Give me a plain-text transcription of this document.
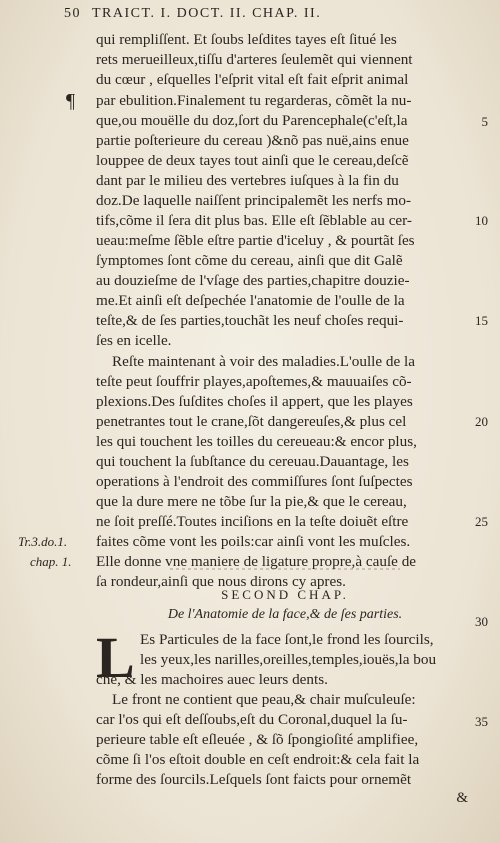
50 TRAICT. I. DOCT. II. CHAP. II.
qui rempliſſent. Et ſoubs leſdites tayes eſt ſitué les
rets merueilleux,tiſſu d'arteres ſeulemẽt qui viennent
du cœur , eſquelles l'eſprit vital eſt fait eſprit animal
par ebulition.Finalement tu regarderas, cõmẽt la nu-
que,ou mouëlle du doz,ſort du Parencephale(c'eſt,la
partie poſterieure du cereau )&nõ pas nuë,ains enue
louppee de deux tayes tout ainſi que le cereau,deſcẽ
dant par le milieu des vertebres iuſques à la fin du
doz.De laquelle naiſſent principalemẽt les nerfs mo-
tifs,cõme il ſera dit plus bas. Elle eſt ſẽblable au cer-
ueau:meſme ſẽble eſtre partie d'iceluy , & pourtãt ſes
ſymptomes ſont cõme du cereau, ainſi que dit Galẽ
au douzieſme de l'vſage des parties,chapitre douzie-
me.Et ainſi eſt deſpechée l'anatomie de l'oulle de la
teſte,& de ſes parties,touchãt les neuf choſes requi-
ſes en icelle.
Reſte maintenant à voir des maladies.L'oulle de la
teſte peut ſouffrir playes,apoſtemes,& mauuaiſes cõ-
plexions.Des ſuſdites choſes il appert, que les playes
penetrantes tout le crane,ſõt dangereuſes,& plus cel
les qui touchent les toilles du cereueau:& encor plus,
qui touchent la ſubſtance du cereuau.Dauantage, les
operations à l'endroit des commiſſures ſont ſuſpectes
que la dure mere ne tõbe ſur la pie,& que le cereau,
ne ſoit preſſé.Toutes inciſions en la teſte doiuẽt eſtre
faites cõme vont les poils:car ainſi vont les muſcles.
Elle donne vne maniere de ligature propre,à cauſe de
ſa rondeur,ainſi que nous dirons cy apres.
¶
Tr.3.do.1.
chap. 1.
5
10
15
20
25
30
35
SECOND CHAP.
De l'Anatomie de la face,& de ſes parties.
L Es Particules de la face ſont,le frond les ſourcils,
les yeux,les narilles,oreilles,temples,iouës,la bou
che, & les machoires auec leurs dents.
Le front ne contient que peau,& chair muſculeuſe:
car l'os qui eſt deſſoubs,eſt du Coronal,duquel la ſu-
perieure table eſt eſleuée , & ſõ ſpongioſité amplifiee,
cõme ſi l'os eſtoit double en ceſt endroit:& cela fait la
forme des ſourcils.Leſquels ſont faicts pour ornemẽt
&
